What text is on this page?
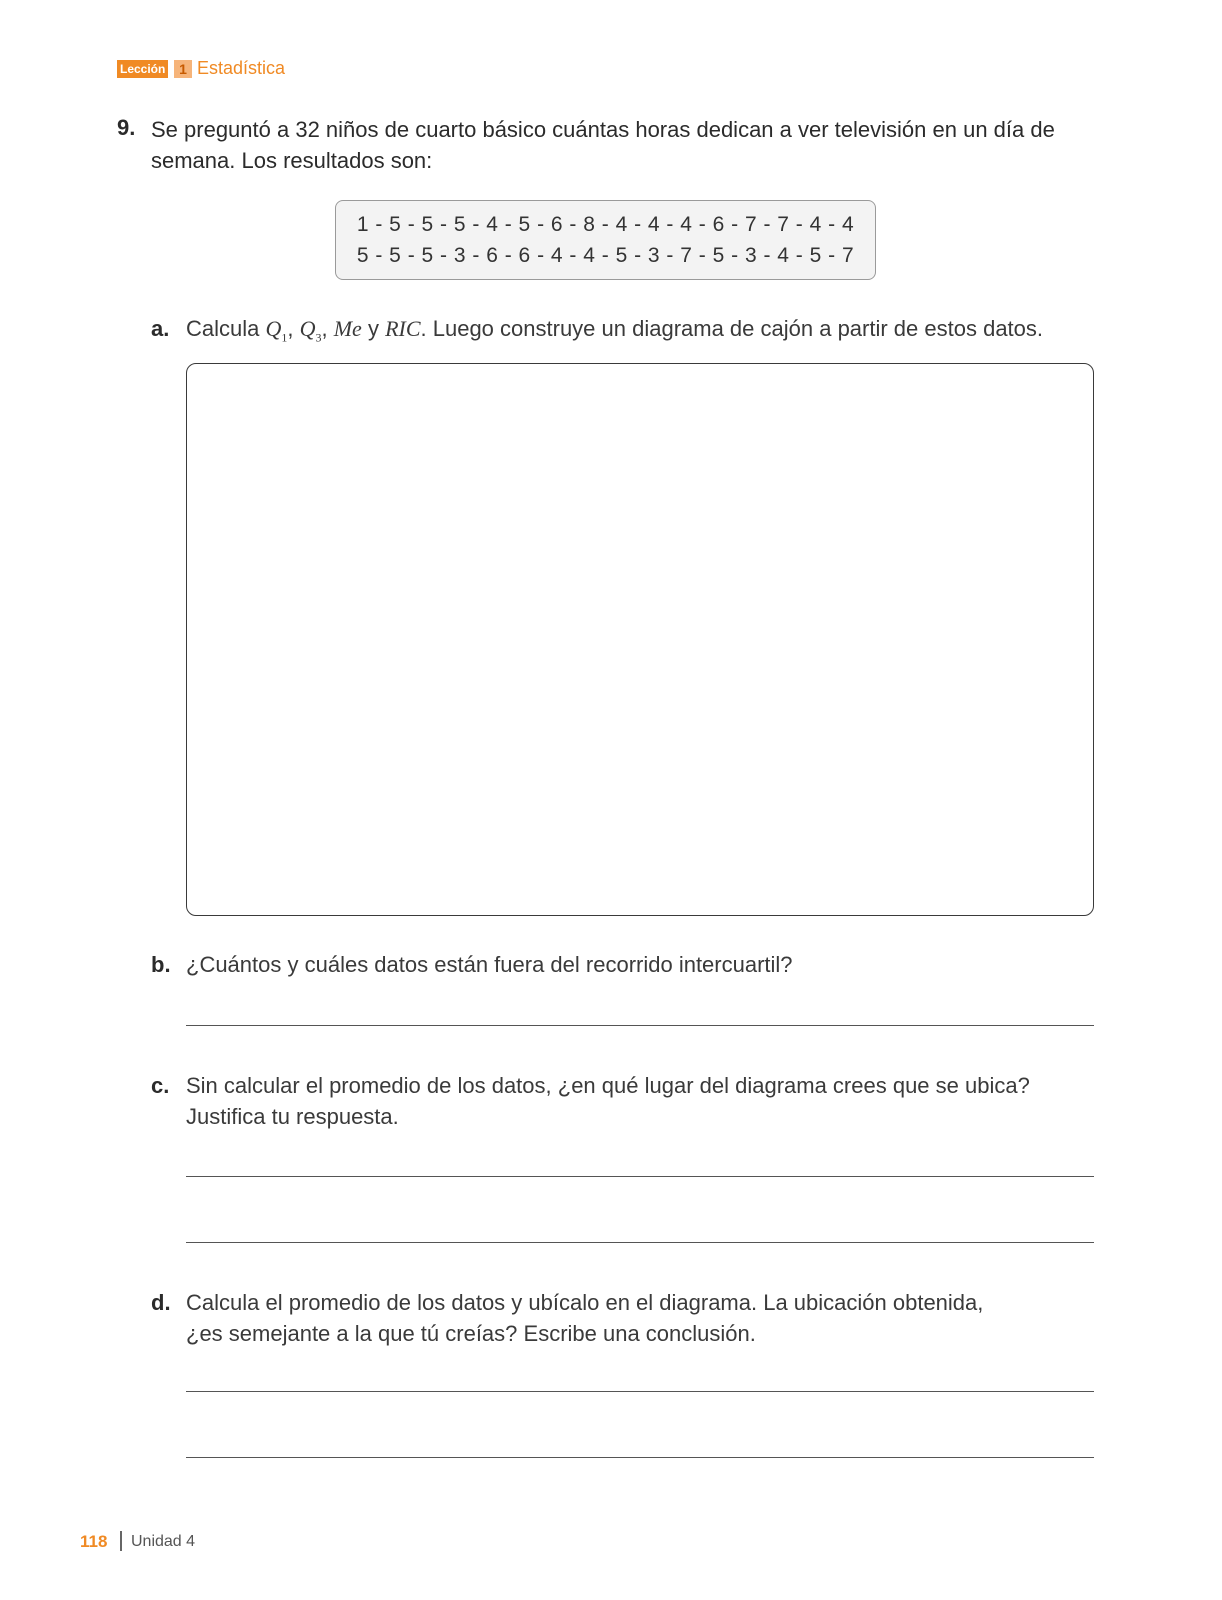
Lección 1 Estadística
9. Se preguntó a 32 niños de cuarto básico cuántas horas dedican a ver televisión en un día de semana. Los resultados son:
1 - 5 - 5 - 5 - 4 - 5 - 6 - 8 - 4 - 4 - 4 - 6 - 7 - 7 - 4 - 4
5 - 5 - 5 - 3 - 6 - 6 - 4 - 4 - 5 - 3 - 7 - 5 - 3 - 4 - 5 - 7
a. Calcula $Q_1$, $Q_3$, Me y RIC. Luego construye un diagrama de cajón a partir de estos datos.
b. ¿Cuántos y cuáles datos están fuera del recorrido intercuartil?
c. Sin calcular el promedio de los datos, ¿en qué lugar del diagrama crees que se ubica? Justifica tu respuesta.
d. Calcula el promedio de los datos y ubícalo en el diagrama. La ubicación obtenida, ¿es semejante a la que tú creías? Escribe una conclusión.
118 Unidad 4
